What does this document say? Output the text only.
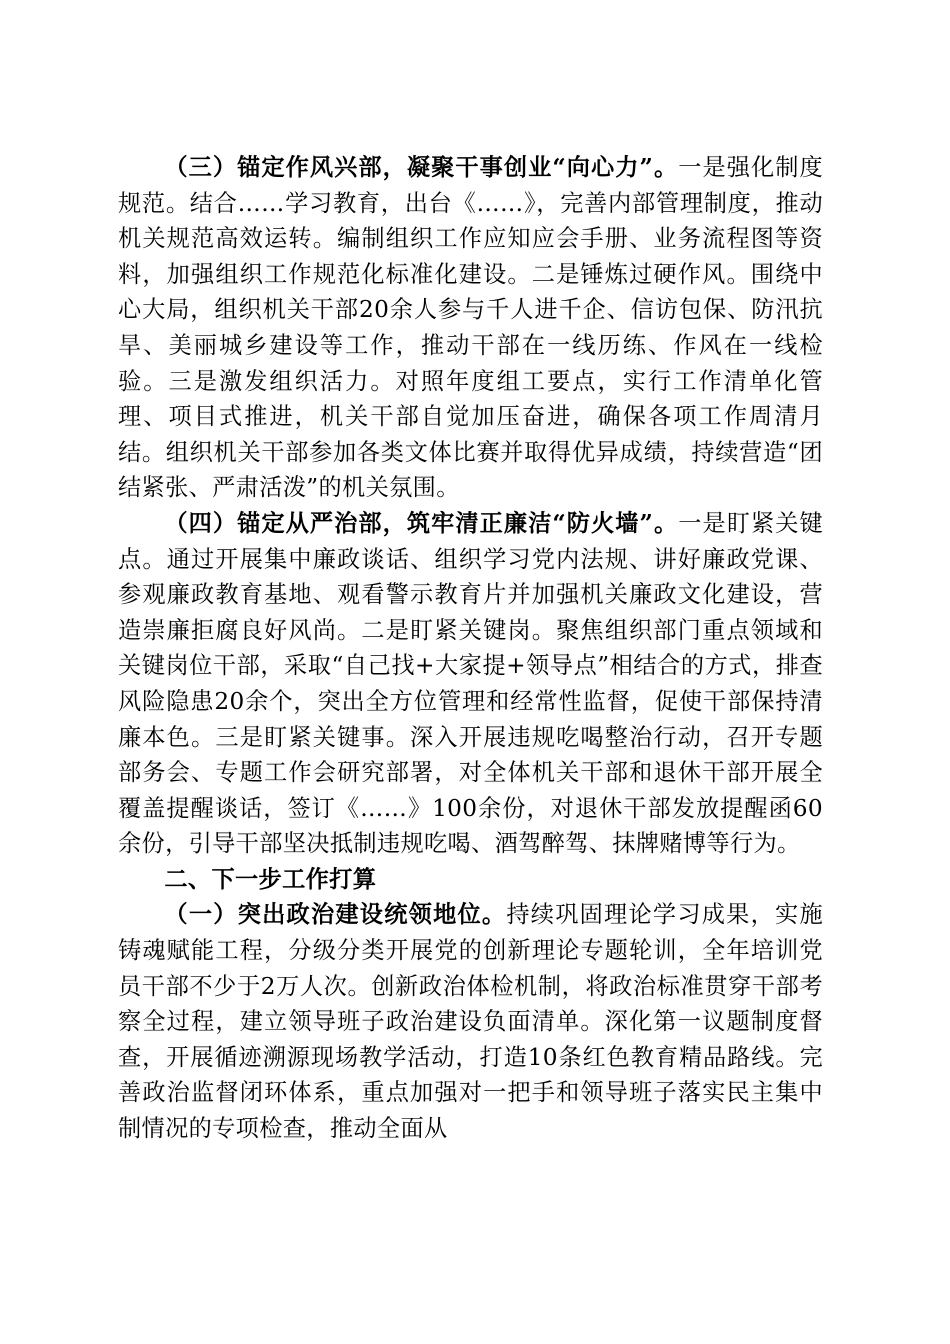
（三）锚定作风兴部，凝聚干事创业“向心力”。一是强化制度规范。结合……学习教育，出台《……》，完善内部管理制度，推动机关规范高效运转。编制组织工作应知应会手册、业务流程图等资料，加强组织工作规范化标准化建设。二是锤炼过硬作风。围绕中心大局，组织机关干部20余人参与千人进千企、信访包保、防汛抗旱、美丽城乡建设等工作，推动干部在一线历练、作风在一线检验。三是激发组织活力。对照年度组工要点，实行工作清单化管理、项目式推进，机关干部自觉加压奋进，确保各项工作周清月结。组织机关干部参加各类文体比赛并取得优异成绩，持续营造“团结紧张、严肃活泼”的机关氛围。

（四）锚定从严治部，筑牢清正廉洁“防火墙”。一是盯紧关键点。通过开展集中廉政谈话、组织学习党内法规、讲好廉政党课、参观廉政教育基地、观看警示教育片并加强机关廉政文化建设，营造崇廉拒腐良好风尚。二是盯紧关键岗。聚焦组织部门重点领域和关键岗位干部，采取“自己找+大家提+领导点”相结合的方式，排查风险隐患20余个，突出全方位管理和经常性监督，促使干部保持清廉本色。三是盯紧关键事。深入开展违规吃喝整治行动，召开专题部务会、专题工作会研究部署，对全体机关干部和退休干部开展全覆盖提醒谈话，签订《……》100余份，对退休干部发放提醒函60余份，引导干部坚决抵制违规吃喝、酒驾醉驾、抹牌赌博等行为。

二、下一步工作打算

（一）突出政治建设统领地位。持续巩固理论学习成果，实施铸魂赋能工程，分级分类开展党的创新理论专题轮训，全年培训党员干部不少于2万人次。创新政治体检机制，将政治标准贯穿干部考察全过程，建立领导班子政治建设负面清单。深化第一议题制度督查，开展循迹溯源现场教学活动，打造10条红色教育精品路线。完善政治监督闭环体系，重点加强对一把手和领导班子落实民主集中制情况的专项检查，推动全面从
